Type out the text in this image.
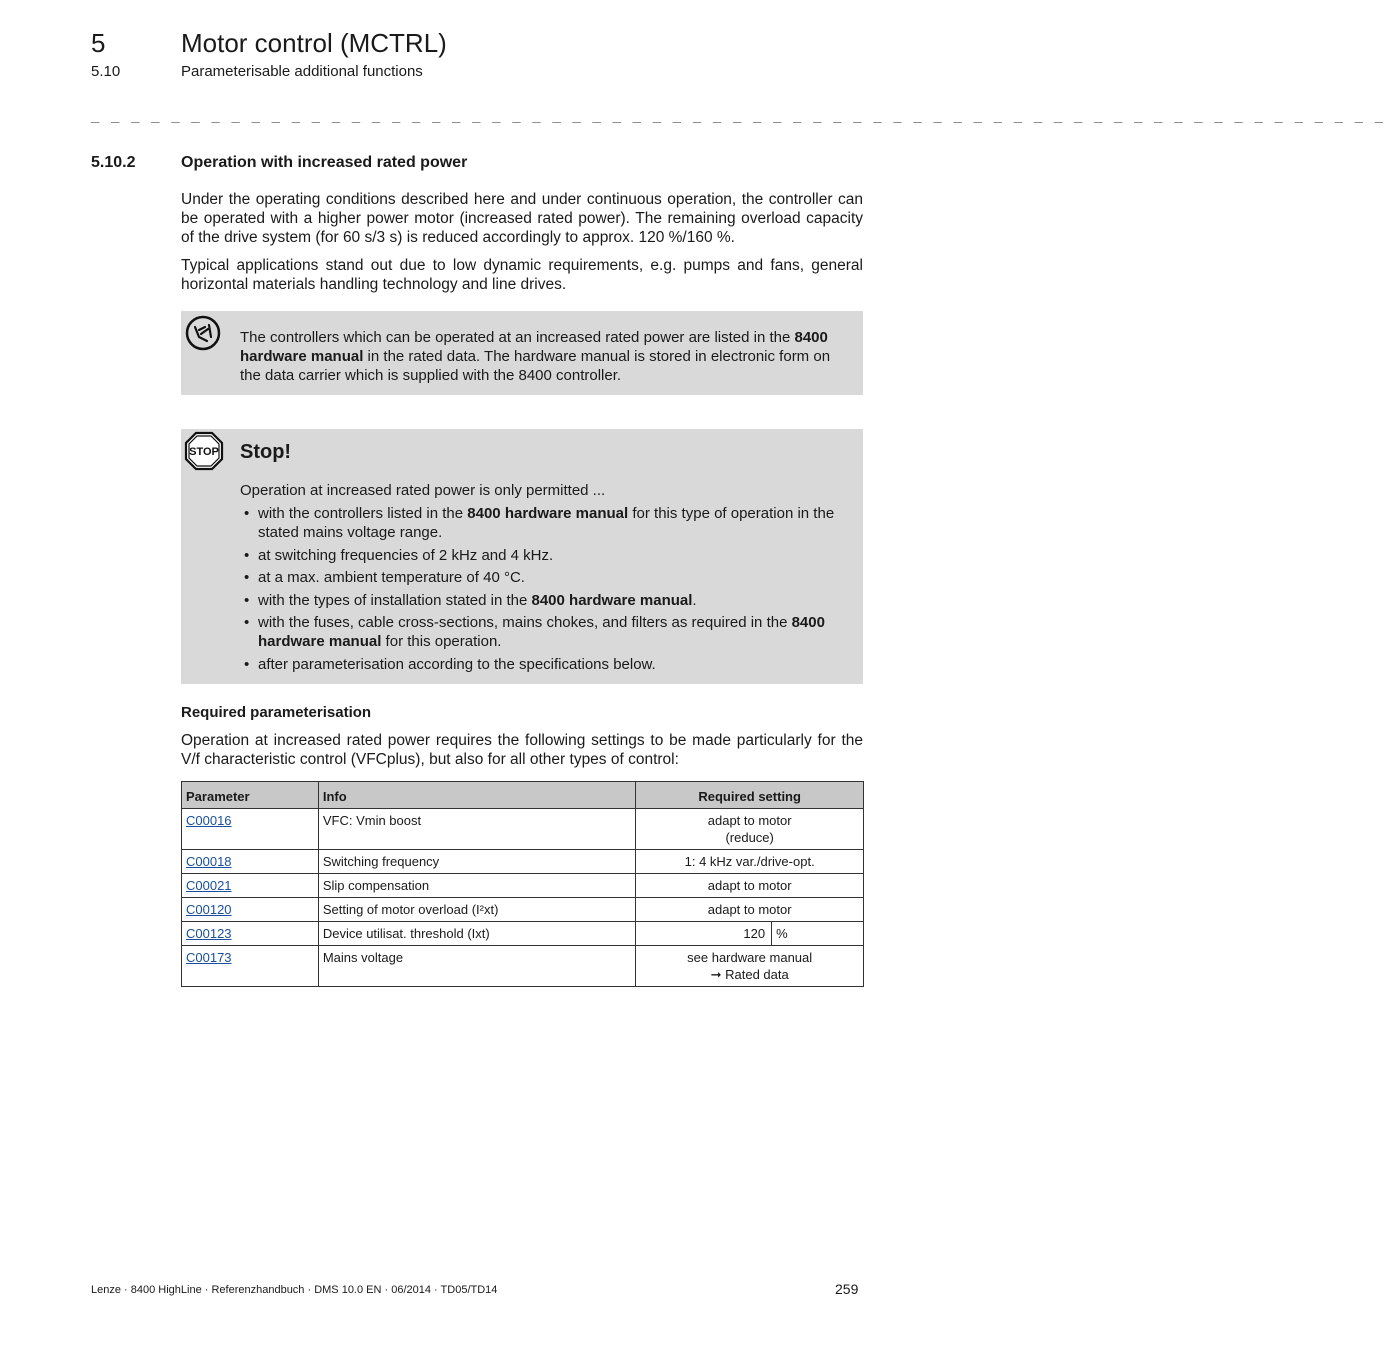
5	Motor control (MCTRL)
5.10	Parameterisable additional functions
_ _ _ _ _ _ _ _ _ _ _ _ _ _ _ _ _ _ _ _ _ _ _ _ _ _ _ _ _ _ _ _ _ _ _ _ _ _ _ _ _ _ _ _ _ _ _ _ _ _ _ _ _ _ _ _ _ _ _ _ _ _ _ _ _
5.10.2	Operation with increased rated power
Under the operating conditions described here and under continuous operation, the controller can be operated with a higher power motor (increased rated power). The remaining overload capacity of the drive system (for 60 s/3 s) is reduced accordingly to approx. 120 %/160 %.
Typical applications stand out due to low dynamic requirements, e.g. pumps and fans, general horizontal materials handling technology and line drives.
The controllers which can be operated at an increased rated power are listed in the 8400 hardware manual in the rated data. The hardware manual is stored in electronic form on the data carrier which is supplied with the 8400 controller.
STOP Stop!
Operation at increased rated power is only permitted ...
• with the controllers listed in the 8400 hardware manual for this type of operation in the stated mains voltage range.
• at switching frequencies of 2 kHz and 4 kHz.
• at a max. ambient temperature of 40 °C.
• with the types of installation stated in the 8400 hardware manual.
• with the fuses, cable cross-sections, mains chokes, and filters as required in the 8400 hardware manual for this operation.
• after parameterisation according to the specifications below.
Required parameterisation
Operation at increased rated power requires the following settings to be made particularly for the V/f characteristic control (VFCplus), but also for all other types of control:
Parameter	Info	Required setting	
C00016	VFC: Vmin boost	adapt to motor
(reduce)	
C00018	Switching frequency	1: 4 kHz var./drive-opt.	
C00021	Slip compensation	adapt to motor	
C00120	Setting of motor overload (I²xt)	adapt to motor	
C00123	Device utilisat. threshold (Ixt)	120	%
C00173	Mains voltage	see hardware manual
➞ Rated data	
Lenze · 8400 HighLine · Referenzhandbuch · DMS 10.0 EN · 06/2014 · TD05/TD14	259
